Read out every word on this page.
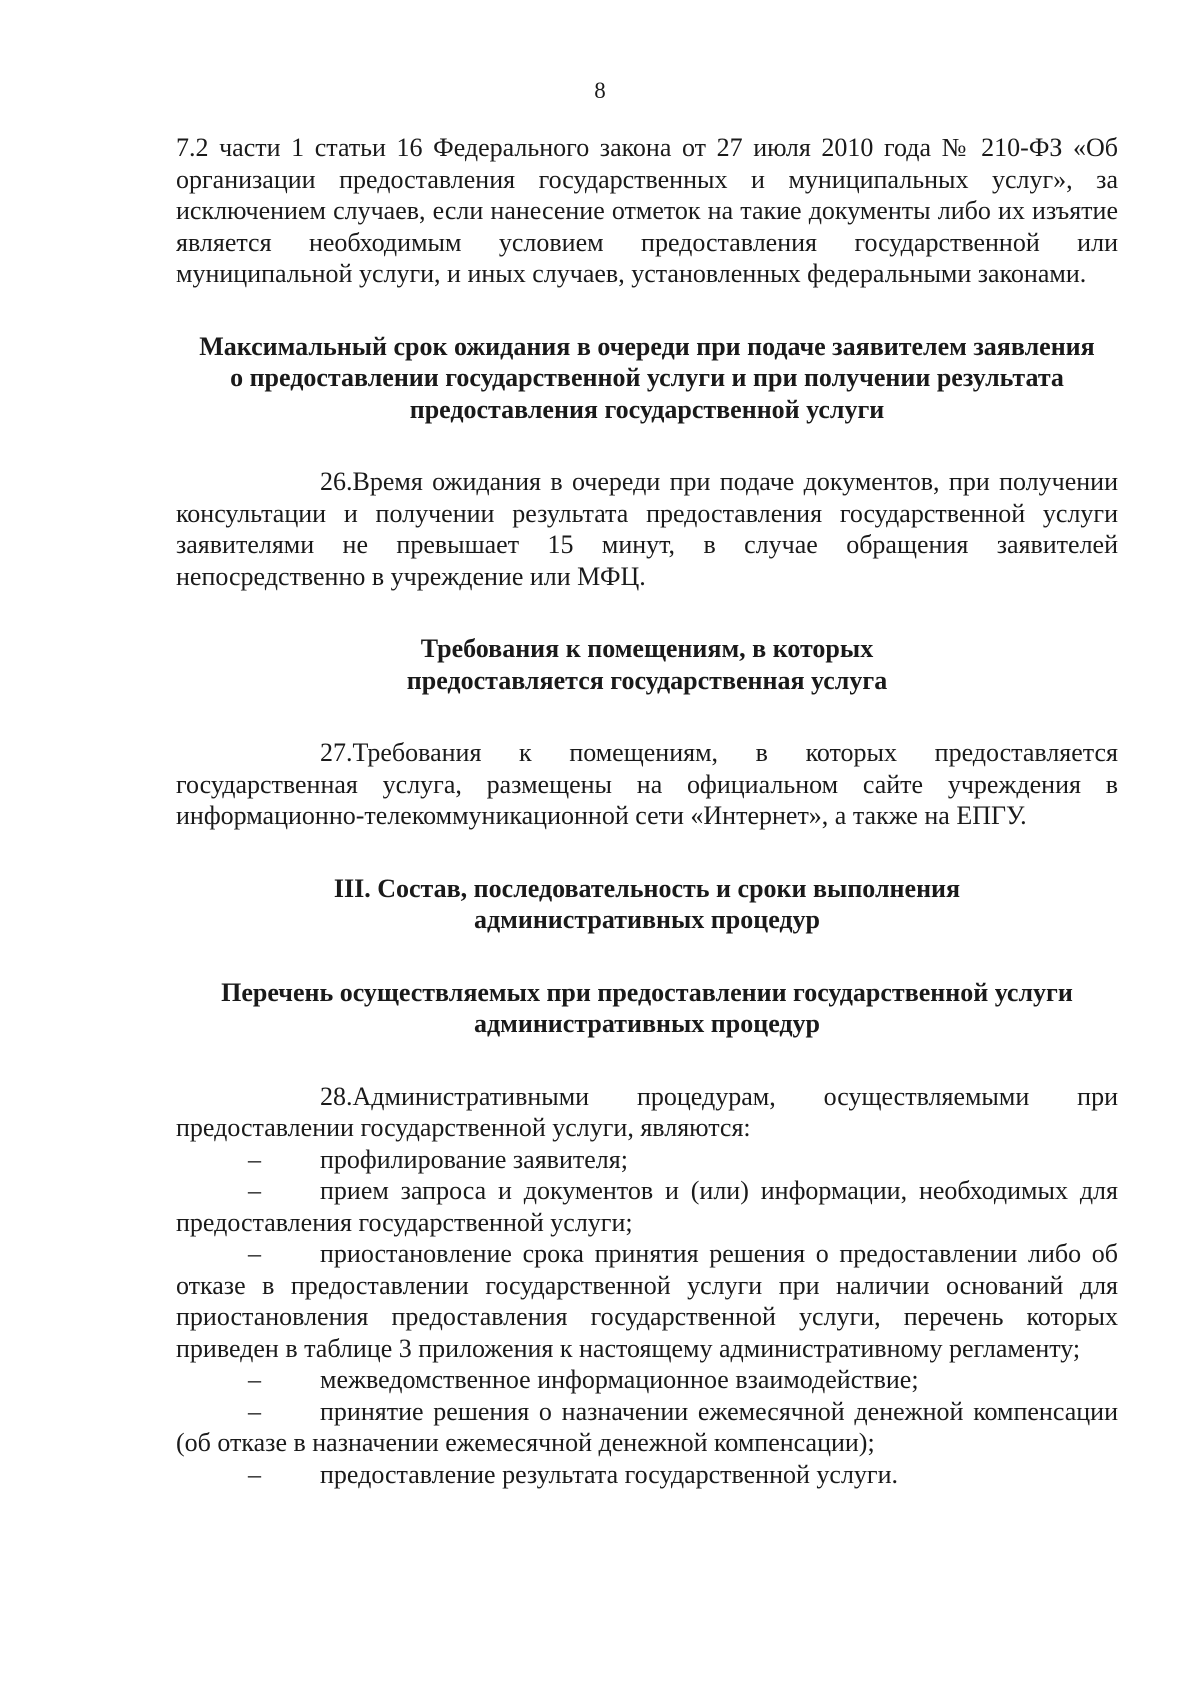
8

7.2 части 1 статьи 16 Федерального закона от 27 июля 2010 года № 210-ФЗ «Об организации предоставления государственных и муниципальных услуг», за исключением случаев, если нанесение отметок на такие документы либо их изъятие является необходимым условием предоставления государственной или муниципальной услуги, и иных случаев, установленных федеральными законами.

Максимальный срок ожидания в очереди при подаче заявителем заявления о предоставлении государственной услуги и при получении результата предоставления государственной услуги

26.Время ожидания в очереди при подаче документов, при получении консультации и получении результата предоставления государственной услуги заявителями не превышает 15 минут, в случае обращения заявителей непосредственно в учреждение или МФЦ.

Требования к помещениям, в которых предоставляется государственная услуга

27.Требования к помещениям, в которых предоставляется государственная услуга, размещены на официальном сайте учреждения в информационно-телекоммуникационной сети «Интернет», а также на ЕПГУ.

III. Состав, последовательность и сроки выполнения
административных процедур
Перечень осуществляемых при предоставлении государственной услуги
административных процедур

28.Административными процедурам, осуществляемыми при предоставлении государственной услуги, являются:

– профилирование заявителя;

– прием запроса и документов и (или) информации, необходимых для предоставления государственной услуги;

– приостановление срока принятия решения о предоставлении либо об отказе в предоставлении государственной услуги при наличии оснований для приостановления предоставления государственной услуги, перечень которых приведен в таблице 3 приложения к настоящему административному регламенту;

– межведомственное информационное взаимодействие;

– принятие решения о назначении ежемесячной денежной компенсации (об отказе в назначении ежемесячной денежной компенсации);

– предоставление результата государственной услуги.
